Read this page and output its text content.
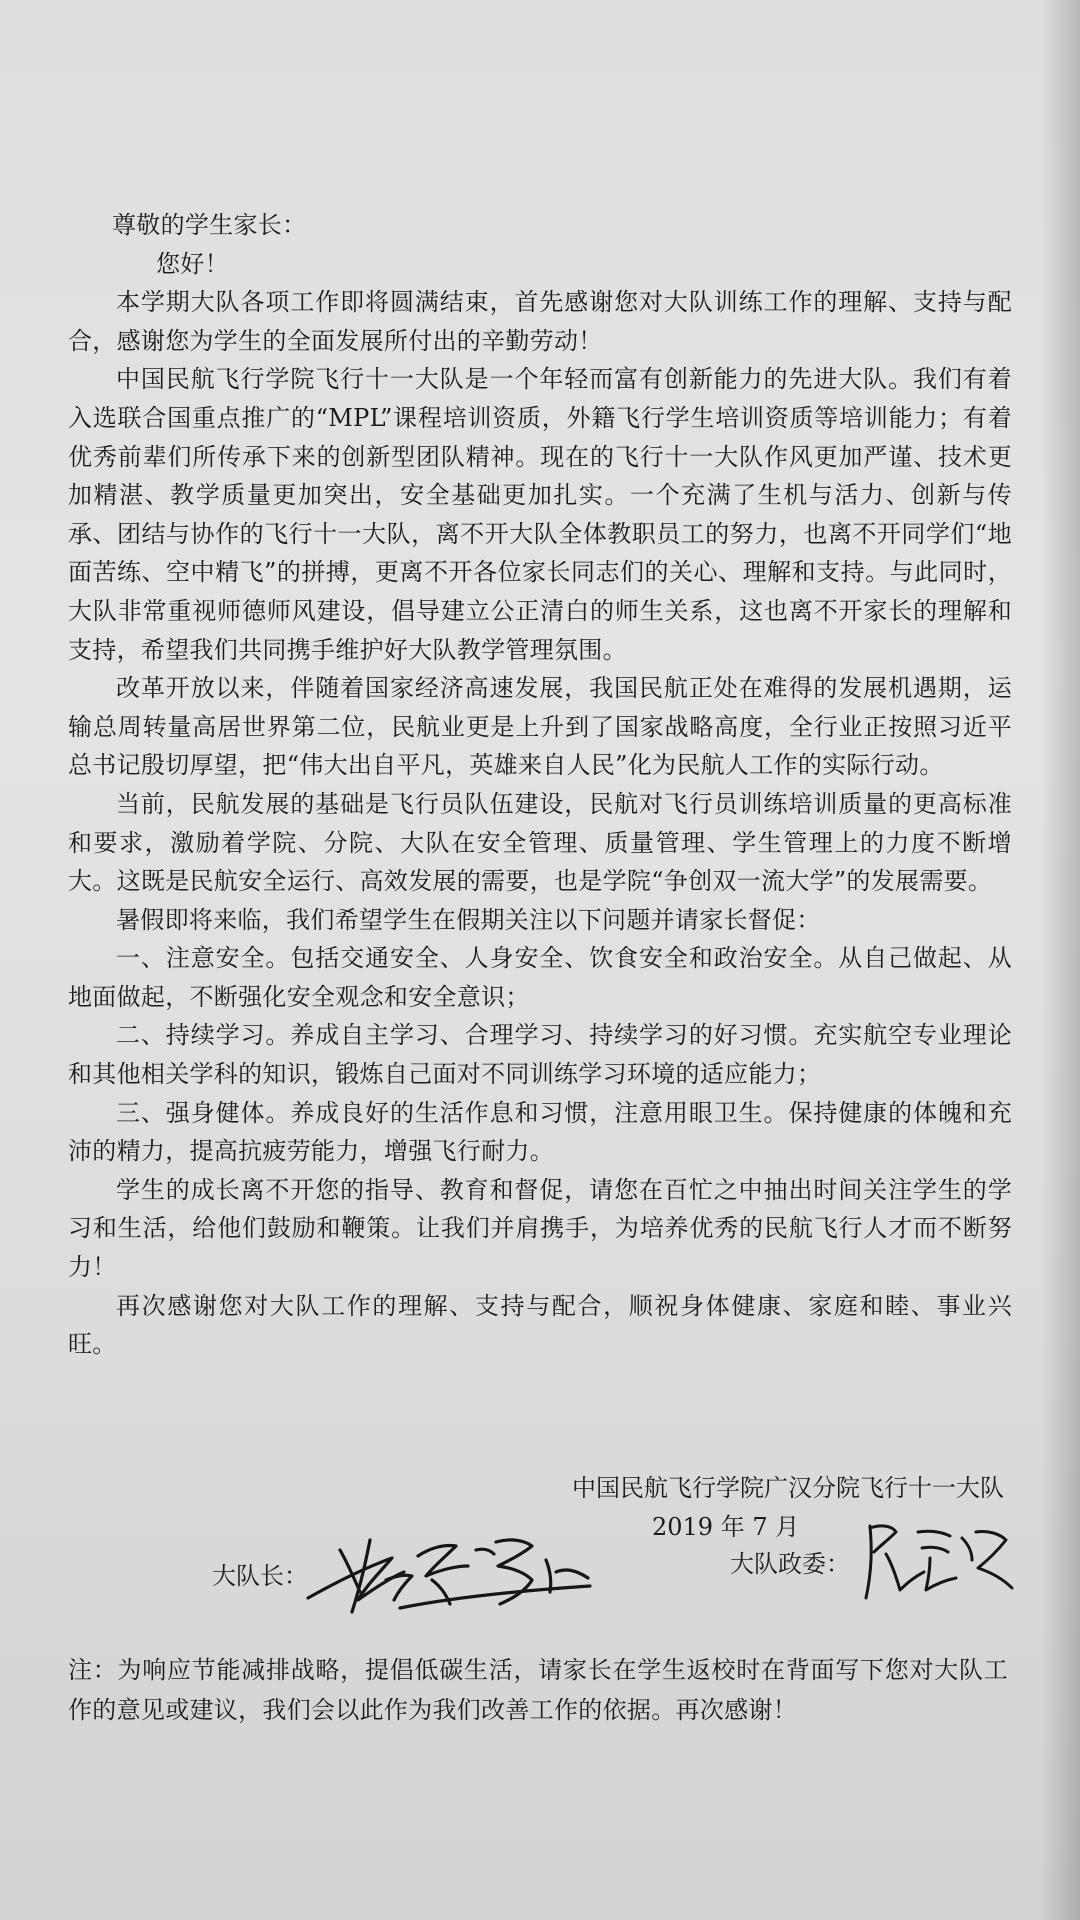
尊敬的学生家长：

您好！

本学期大队各项工作即将圆满结束，首先感谢您对大队训练工作的理解、支持与配合，感谢您为学生的全面发展所付出的辛勤劳动！

中国民航飞行学院飞行十一大队是一个年轻而富有创新能力的先进大队。我们有着入选联合国重点推广的“MPL”课程培训资质，外籍飞行学生培训资质等培训能力；有着优秀前辈们所传承下来的创新型团队精神。现在的飞行十一大队作风更加严谨、技术更加精湛、教学质量更加突出，安全基础更加扎实。一个充满了生机与活力、创新与传承、团结与协作的飞行十一大队，离不开大队全体教职员工的努力，也离不开同学们“地面苦练、空中精飞”的拼搏，更离不开各位家长同志们的关心、理解和支持。与此同时，大队非常重视师德师风建设，倡导建立公正清白的师生关系，这也离不开家长的理解和支持，希望我们共同携手维护好大队教学管理氛围。

改革开放以来，伴随着国家经济高速发展，我国民航正处在难得的发展机遇期，运输总周转量高居世界第二位，民航业更是上升到了国家战略高度，全行业正按照习近平总书记殷切厚望，把“伟大出自平凡，英雄来自人民”化为民航人工作的实际行动。

当前，民航发展的基础是飞行员队伍建设，民航对飞行员训练培训质量的更高标准和要求，激励着学院、分院、大队在安全管理、质量管理、学生管理上的力度不断增大。这既是民航安全运行、高效发展的需要，也是学院“争创双一流大学”的发展需要。

暑假即将来临，我们希望学生在假期关注以下问题并请家长督促：

一、注意安全。包括交通安全、人身安全、饮食安全和政治安全。从自己做起、从地面做起，不断强化安全观念和安全意识；

二、持续学习。养成自主学习、合理学习、持续学习的好习惯。充实航空专业理论和其他相关学科的知识，锻炼自己面对不同训练学习环境的适应能力；

三、强身健体。养成良好的生活作息和习惯，注意用眼卫生。保持健康的体魄和充沛的精力，提高抗疲劳能力，增强飞行耐力。

学生的成长离不开您的指导、教育和督促，请您在百忙之中抽出时间关注学生的学习和生活，给他们鼓励和鞭策。让我们并肩携手，为培养优秀的民航飞行人才而不断努力！

再次感谢您对大队工作的理解、支持与配合，顺祝身体健康、家庭和睦、事业兴旺。

中国民航飞行学院广汉分院飞行十一大队
2019 年 7 月
大队长：	大队政委：

注：为响应节能减排战略，提倡低碳生活，请家长在学生返校时在背面写下您对大队工作的意见或建议，我们会以此作为我们改善工作的依据。再次感谢！
